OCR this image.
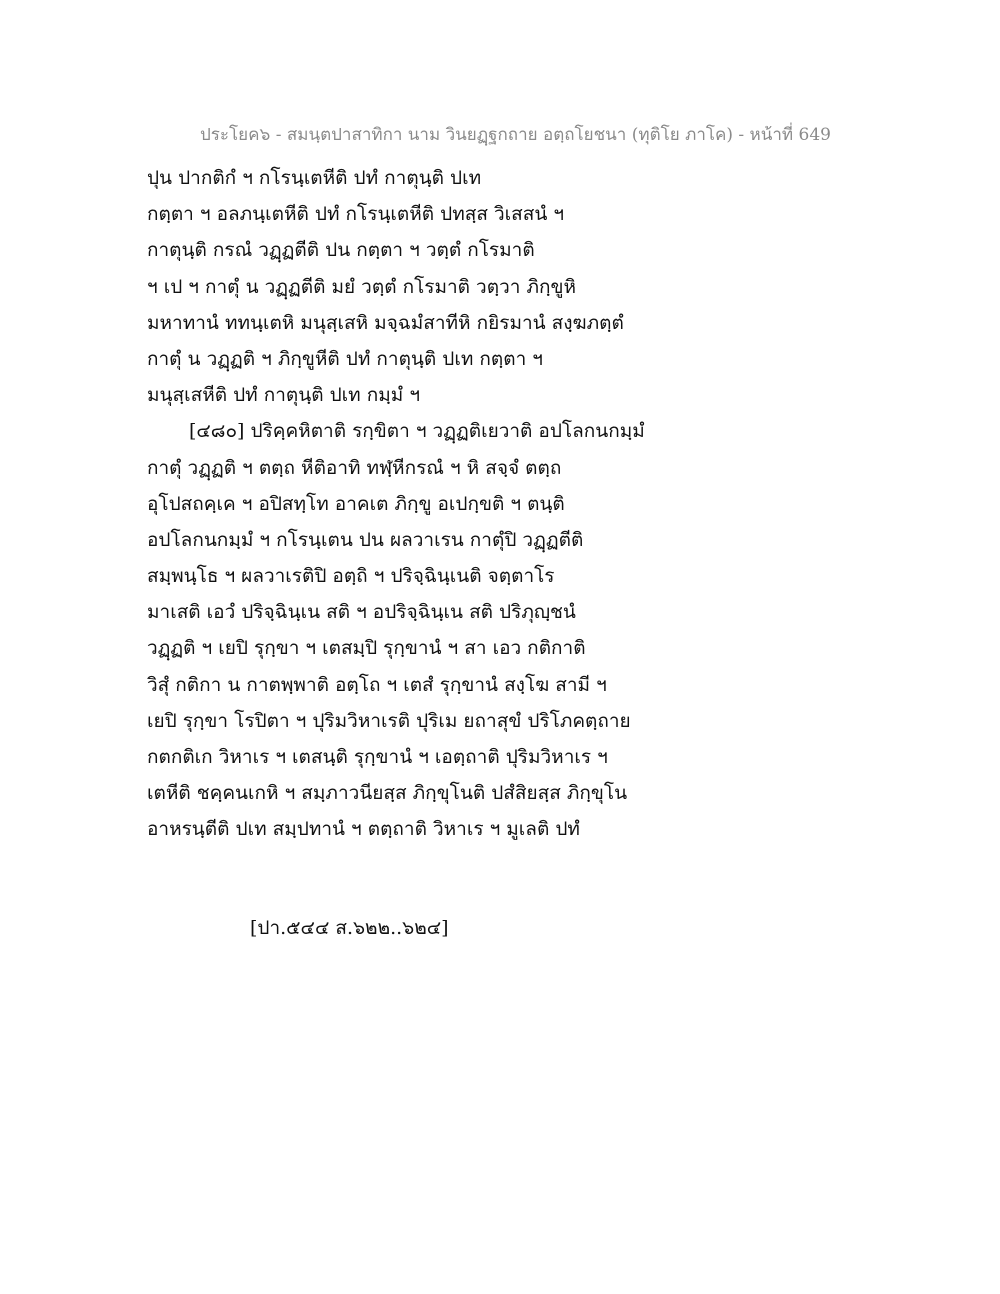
ประโยค๖ - สมนฺตปาสาทิกา นาม วินยฏฺฐกถาย อตฺถโยชนา (ทุติโย ภาโค) - หน้าที่ 649
ปุน ปากติกํ ฯ กโรนฺเตหีติ ปทํ กาตุนฺติ ปเท
กตฺตา ฯ อลภนฺเตหีติ ปทํ กโรนฺเตหีติ ปทสฺส วิเสสนํ ฯ
กาตุนฺติ กรณํ วฏฺฏตีติ ปน กตฺตา ฯ วตฺตํ กโรมาติ
ฯ เป ฯ กาตุํ น วฏฺฏตีติ มยํ วตฺตํ กโรมาติ วตฺวา ภิกฺขูหิ
มหาทานํ ททนฺเตหิ มนุสฺเสหิ มจฺฉมํสาทีหิ กยิรมานํ สงฺฆภตฺตํ
กาตุํ น วฏฺฏติ ฯ ภิกฺขูหีติ ปทํ กาตุนฺติ ปเท กตฺตา ฯ
มนุสฺเสหีติ ปทํ กาตุนฺติ ปเท กมฺมํ ฯ
[๔๘๐] ปริคฺคหิตาติ รกฺขิตา ฯ วฏฺฏติเยวาติ อปโลกนกมฺมํ
กาตุํ วฏฺฏติ ฯ ตตฺถ หีติอาทิ ทฬฺหีกรณํ ฯ หิ สจฺจํ ตตฺถ
อุโปสถคฺเค ฯ อปิสทฺโท อาคเต ภิกฺขู อเปกฺขติ ฯ ตนฺติ
อปโลกนกมฺมํ ฯ กโรนฺเตน ปน ผลวาเรน กาตุํปิ วฏฺฏตีติ
สมฺพนฺโธ ฯ ผลวาเรติปิ อตฺถิ ฯ ปริจฺฉินฺเนติ จตฺตาโร
มาเสติ เอวํ ปริจฺฉินฺเน สติ ฯ อปริจฺฉินฺเน สติ ปริภุญฺชนํ
วฏฺฏติ ฯ เยปิ รุกฺขา ฯ เตสมฺปิ รุกฺขานํ ฯ สา เอว กติกาติ
วิสุํ กติกา น กาตพฺพาติ อตฺโถ ฯ เตสํ รุกฺขานํ สงฺโฆ สามี ฯ
เยปิ รุกฺขา โรปิตา ฯ ปุริมวิหาเรติ ปุริเม ยถาสุขํ ปริโภคตฺถาย
กตกติเก วิหาเร ฯ เตสนฺติ รุกฺขานํ ฯ เอตฺถาติ ปุริมวิหาเร ฯ
เตหีติ ชคฺคนเกหิ ฯ สมฺภาวนียสฺส ภิกฺขุโนติ ปสํสิยสฺส ภิกฺขุโน
อาหรนฺตีติ ปเท สมฺปทานํ ฯ ตตฺถาติ วิหาเร ฯ มูเลติ ปทํ
[ปา.๕๔๔ ส.๖๒๒..๖๒๔]
